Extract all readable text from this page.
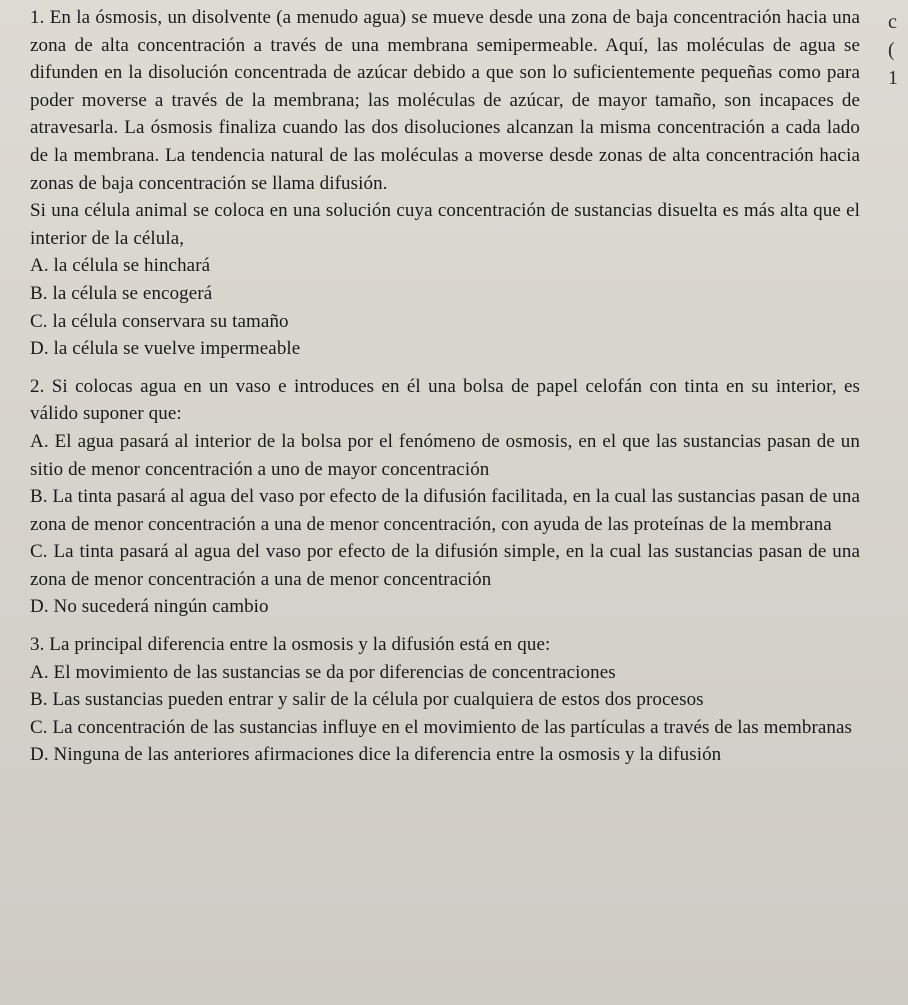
1. En la ósmosis, un disolvente (a menudo agua) se mueve desde una zona de baja concentración hacia una zona de alta concentración a través de una membrana semipermeable. Aquí, las moléculas de agua se difunden en la disolución concentrada de azúcar debido a que son lo suficientemente pequeñas como para poder moverse a través de la membrana; las moléculas de azúcar, de mayor tamaño, son incapaces de atravesarla. La ósmosis finaliza cuando las dos disoluciones alcanzan la misma concentración a cada lado de la membrana. La tendencia natural de las moléculas a moverse desde zonas de alta concentración hacia zonas de baja concentración se llama difusión.

Si una célula animal se coloca en una solución cuya concentración de sustancias disuelta es más alta que el interior de la célula,

A. la célula se hinchará

B. la célula se encogerá

C. la célula conservara su tamaño

D. la célula se vuelve impermeable

2. Si colocas agua en un vaso e introduces en él una bolsa de papel celofán con tinta en su interior, es válido suponer que:

A. El agua pasará al interior de la bolsa por el fenómeno de osmosis, en el que las sustancias pasan de un sitio de menor concentración a uno de mayor concentración

B. La tinta pasará al agua del vaso por efecto de la difusión facilitada, en la cual las sustancias pasan de una zona de menor concentración a una de menor concentración, con ayuda de las proteínas de la membrana

C. La tinta pasará al agua del vaso por efecto de la difusión simple, en la cual las sustancias pasan de una zona de menor concentración a una de menor concentración

D. No sucederá ningún cambio

3. La principal diferencia entre la osmosis y la difusión está en que:

A. El movimiento de las sustancias se da por diferencias de concentraciones

B. Las sustancias pueden entrar y salir de la célula por cualquiera de estos dos procesos

C. La concentración de las sustancias influye en el movimiento de las partículas a través de las membranas

D. Ninguna de las anteriores afirmaciones dice la diferencia entre la osmosis y la difusión

c
(
1
